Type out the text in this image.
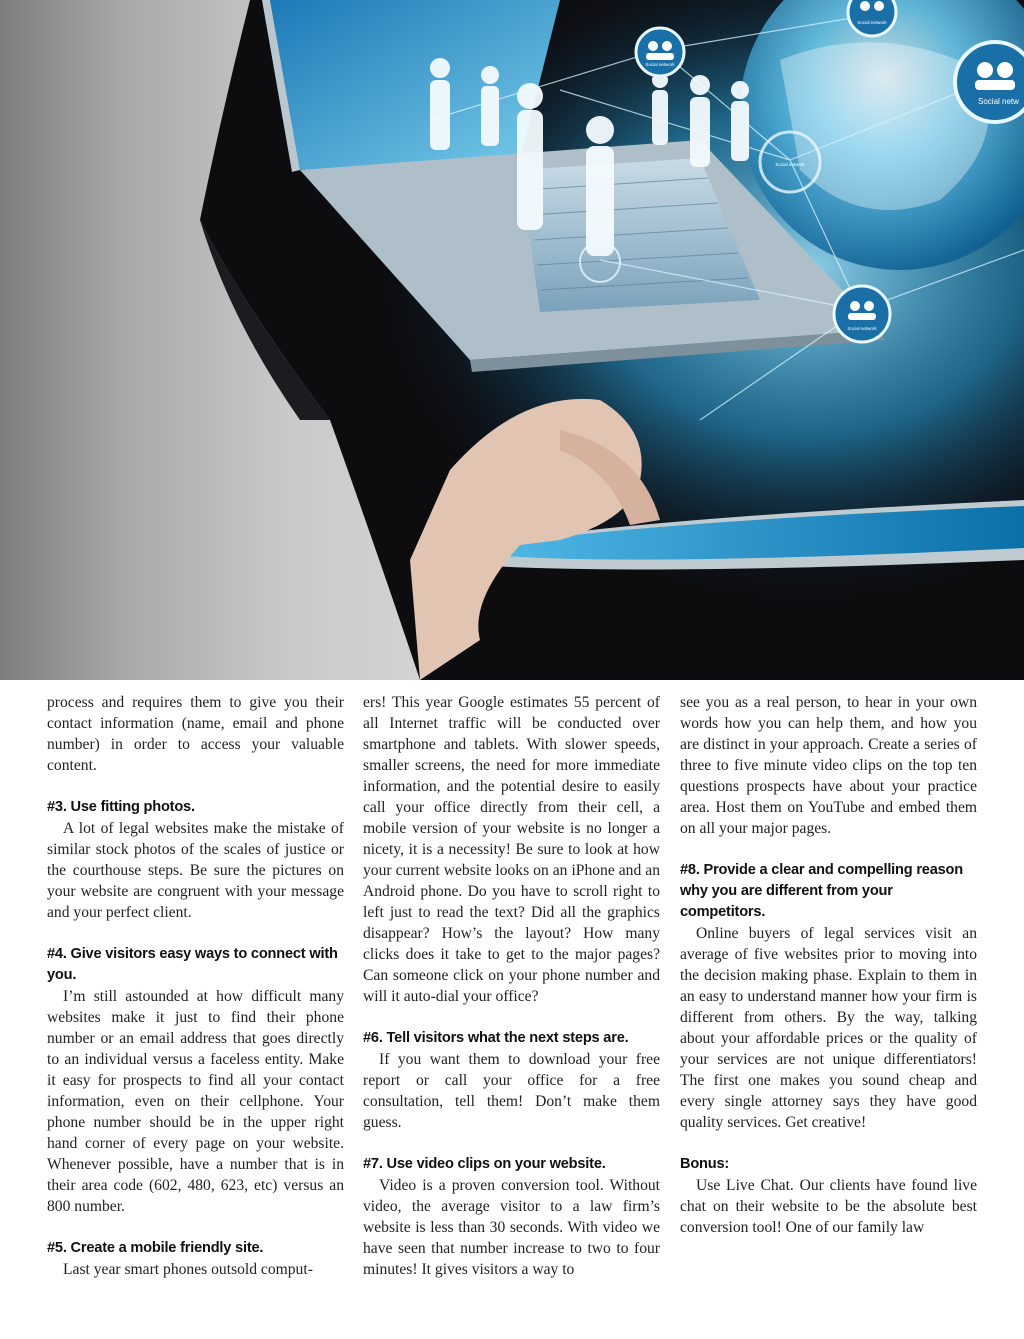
Social network
Social network
Social network
Social network
Social netw

process and requires them to give you their contact information (name, email and phone number) in order to access your valuable content.

#3. Use fitting photos.

A lot of legal websites make the mistake of similar stock photos of the scales of justice or the courthouse steps. Be sure the pictures on your website are congruent with your message and your perfect client.

#4. Give visitors easy ways to connect with you.

I’m still astounded at how difficult many websites make it just to find their phone number or an email address that goes directly to an individual versus a faceless entity. Make it easy for prospects to find all your contact information, even on their cellphone. Your phone number should be in the upper right hand corner of every page on your website. Whenever possible, have a number that is in their area code (602, 480, 623, etc) versus an 800 number.

#5. Create a mobile friendly site.

Last year smart phones outsold comput-

ers! This year Google estimates 55 percent of all Internet traffic will be conducted over smartphone and tablets. With slower speeds, smaller screens, the need for more immediate information, and the potential desire to easily call your office directly from their cell, a mobile version of your website is no longer a nicety, it is a necessity! Be sure to look at how your current website looks on an iPhone and an Android phone. Do you have to scroll right to left just to read the text? Did all the graphics disappear? How’s the layout? How many clicks does it take to get to the major pages? Can someone click on your phone number and will it auto-dial your office?

#6. Tell visitors what the next steps are.

If you want them to download your free report or call your office for a free consultation, tell them! Don’t make them guess.

#7. Use video clips on your website.

Video is a proven conversion tool. Without video, the average visitor to a law firm’s website is less than 30 seconds. With video we have seen that number increase to two to four minutes! It gives visitors a way to

see you as a real person, to hear in your own words how you can help them, and how you are distinct in your approach. Create a series of three to five minute video clips on the top ten questions prospects have about your practice area. Host them on YouTube and embed them on all your major pages.

#8. Provide a clear and compelling reason why you are different from your competitors.

Online buyers of legal services visit an average of five websites prior to moving into the decision making phase. Explain to them in an easy to understand manner how your firm is different from others. By the way, talking about your affordable prices or the quality of your services are not unique differentiators! The first one makes you sound cheap and every single attorney says they have good quality services. Get creative!

Bonus:

Use Live Chat. Our clients have found live chat on their website to be the absolute best conversion tool! One of our family law
